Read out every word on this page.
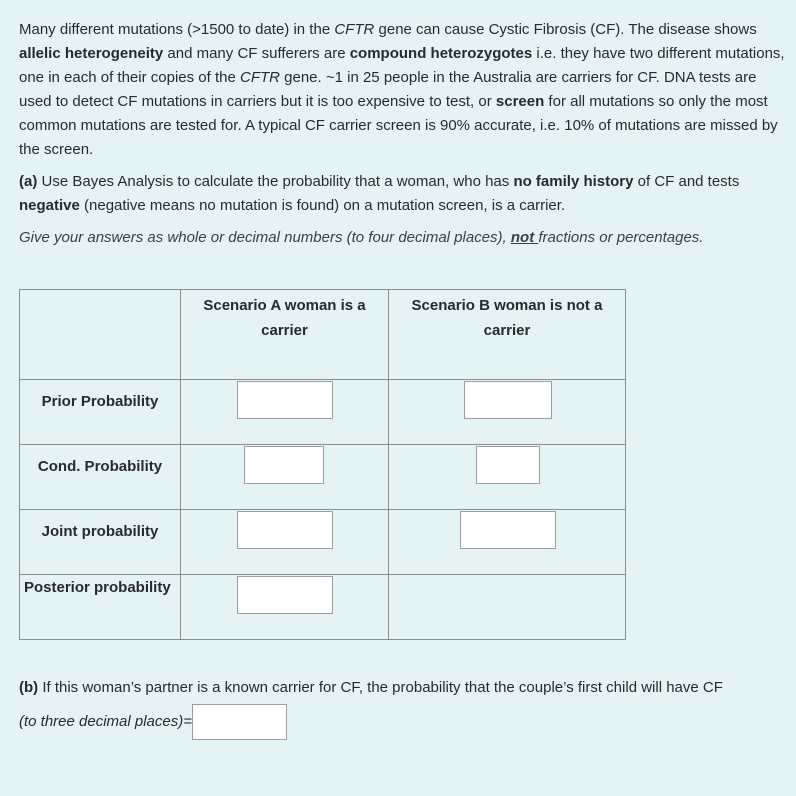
Many different mutations (>1500 to date) in the CFTR gene can cause Cystic Fibrosis (CF). The disease shows allelic heterogeneity and many CF sufferers are compound heterozygotes i.e. they have two different mutations, one in each of their copies of the CFTR gene. ~1 in 25 people in the Australia are carriers for CF. DNA tests are used to detect CF mutations in carriers but it is too expensive to test, or screen for all mutations so only the most common mutations are tested for. A typical CF carrier screen is 90% accurate, i.e. 10% of mutations are missed by the screen.
(a) Use Bayes Analysis to calculate the probability that a woman, who has no family history of CF and tests negative (negative means no mutation is found) on a mutation screen, is a carrier.
Give your answers as whole or decimal numbers (to four decimal places), not fractions or percentages.

	Scenario A woman is a carrier	Scenario B woman is not a carrier

Prior Probability

Cond. Probability

Joint probability

Posterior probability

(b) If this woman’s partner is a known carrier for CF, the probability that the couple’s first child will have CF
(to three decimal places)=
